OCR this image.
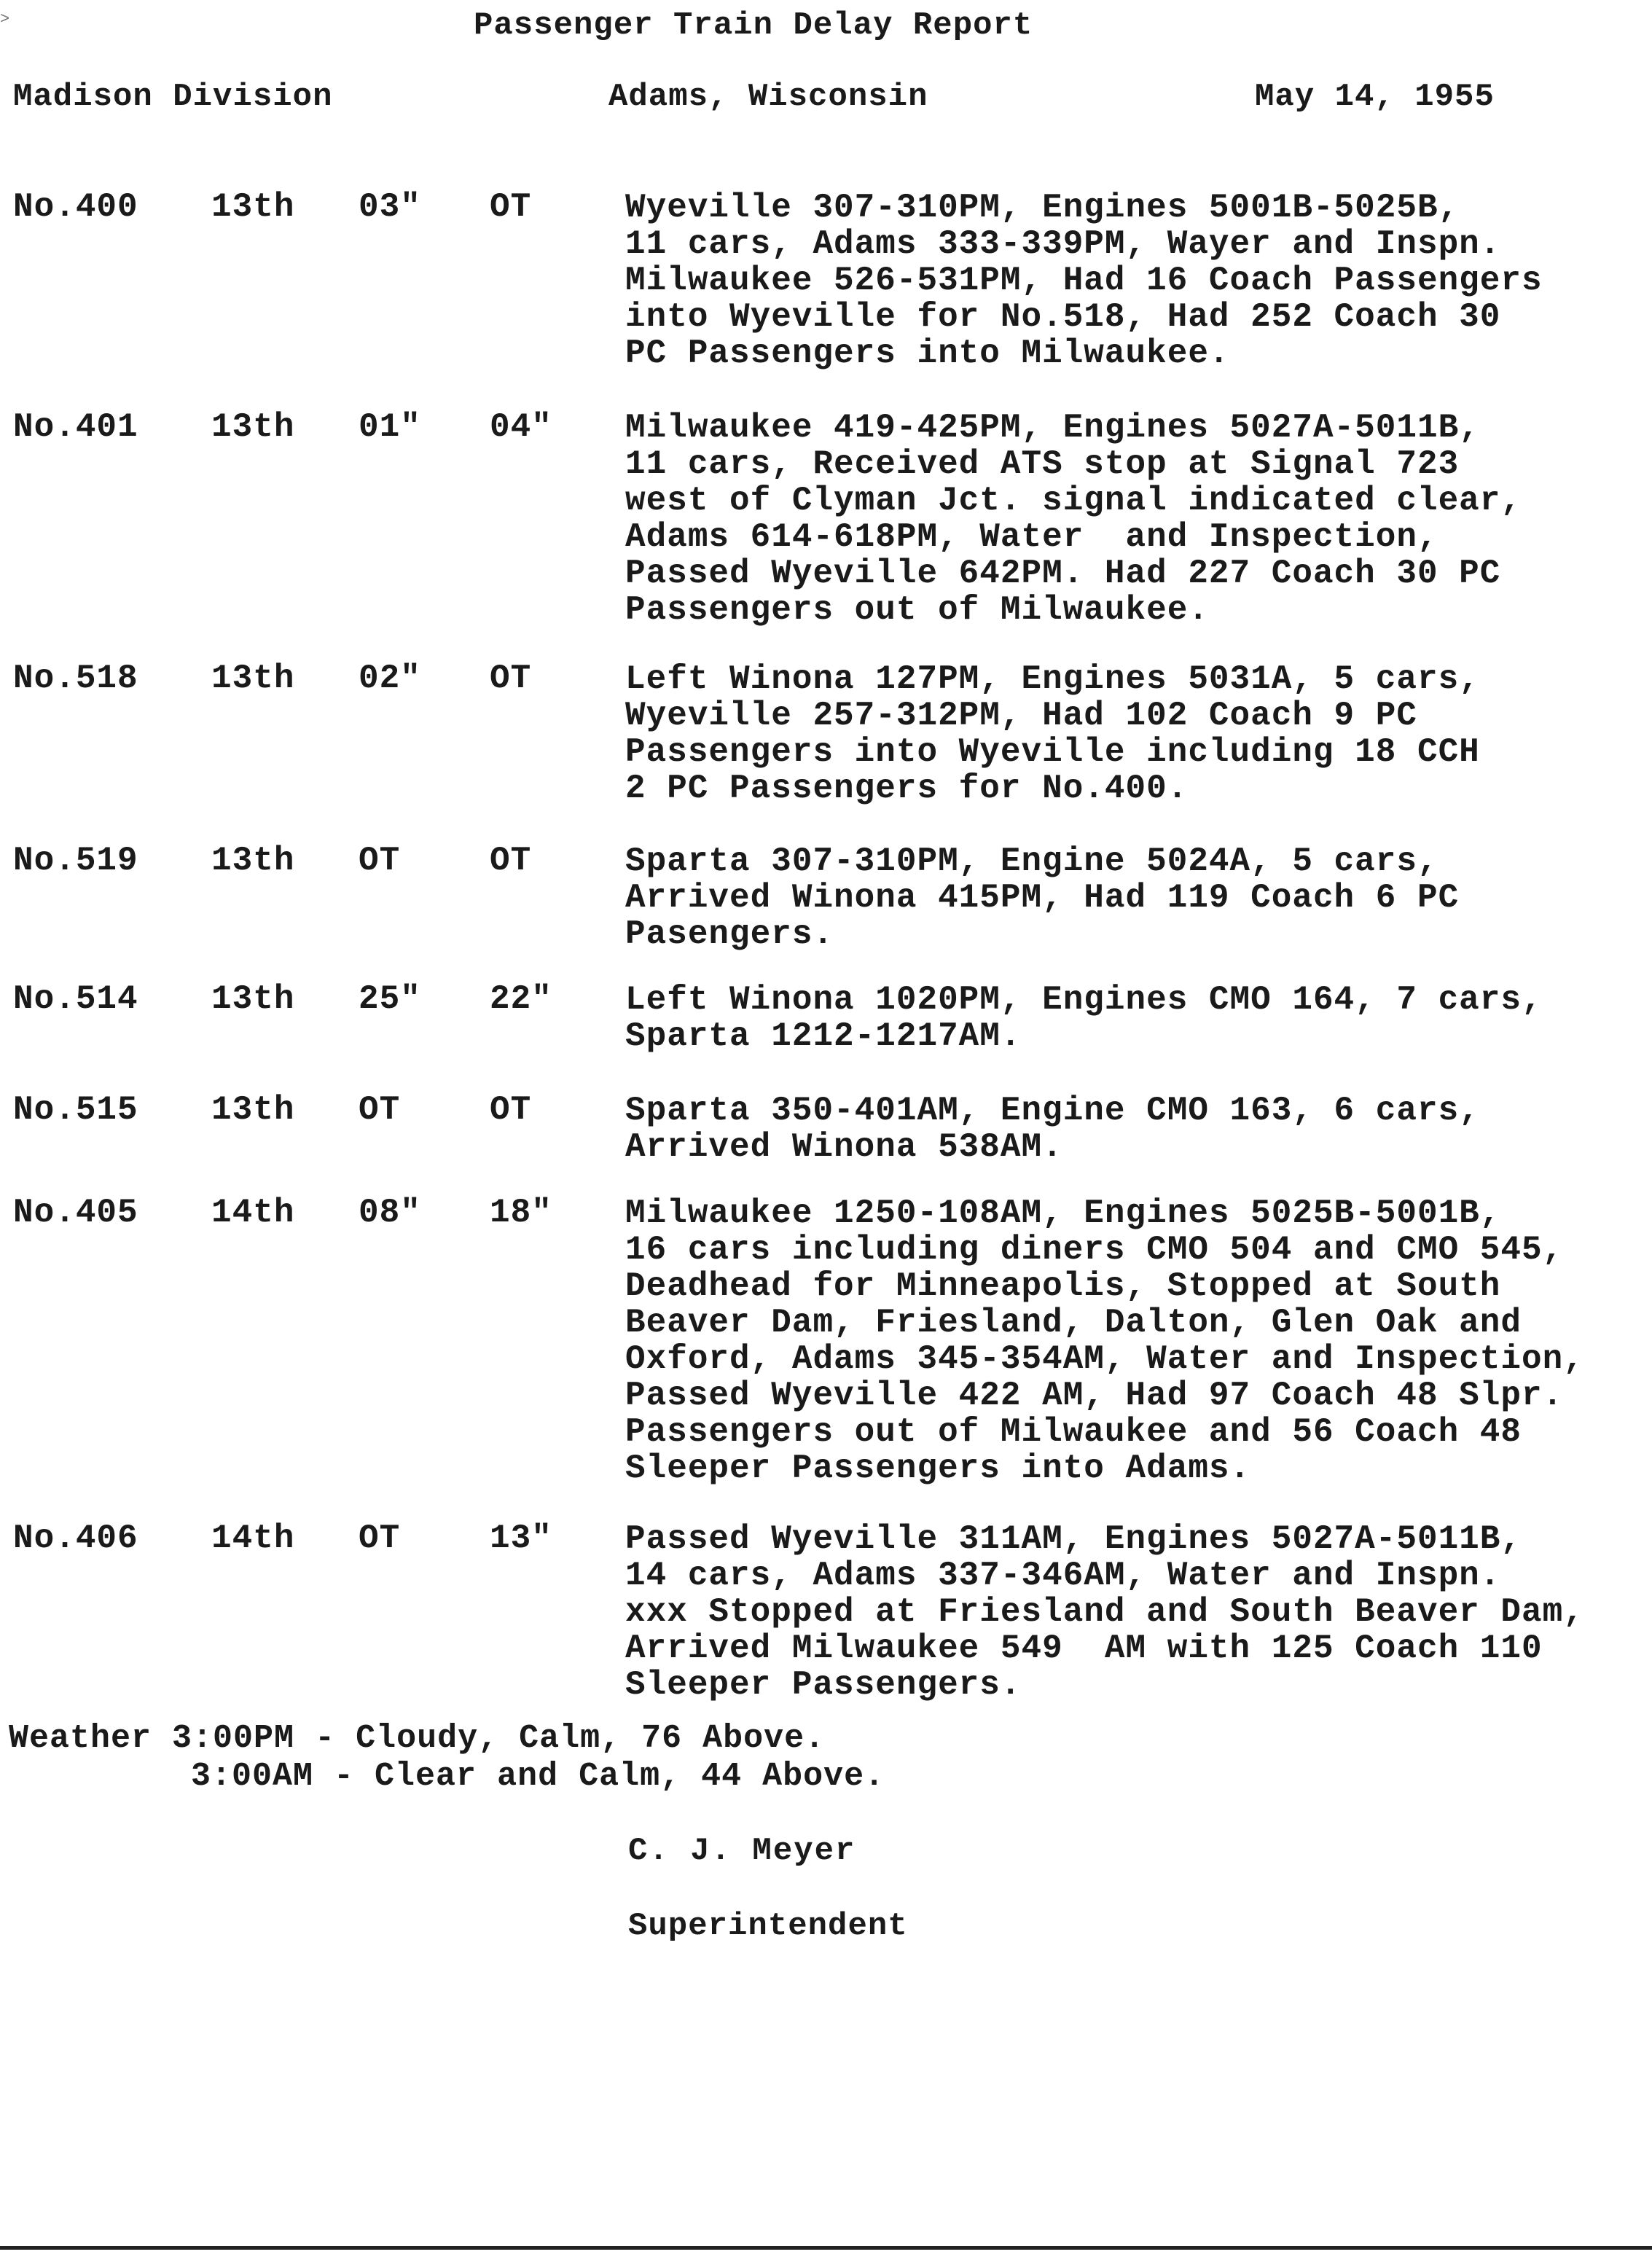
>	Passenger Train Delay Report
Madison Division	Adams, Wisconsin	May 14, 1955
No.400 13th 03" OT	Wyeville 307-310PM, Engines 5001B-5025B,
11 cars, Adams 333-339PM, Wayer and Inspn.
Milwaukee 526-531PM, Had 16 Coach Passengers
into Wyeville for No.518, Had 252 Coach 30
PC Passengers into Milwaukee.
No.401 13th 01" 04" Milwaukee 419-425PM, Engines 5027A-5011B,
11 cars, Received ATS stop at Signal 723
west of Clyman Jct. signal indicated clear,
Adams 614-618PM, Water  and Inspection,
Passed Wyeville 642PM. Had 227 Coach 30 PC
Passengers out of Milwaukee.
No.518 13th 02" OT	Left Winona 127PM, Engines 5031A, 5 cars,
Wyeville 257-312PM, Had 102 Coach 9 PC
Passengers into Wyeville including 18 CCH
2 PC Passengers for No.400.
No.519 13th OT	OT	Sparta 307-310PM, Engine 5024A, 5 cars,
Arrived Winona 415PM, Had 119 Coach 6 PC
Pasengers.
No.514 13th 25" 22" Left Winona 1020PM, Engines CMO 164, 7 cars,
Sparta 1212-1217AM.
No.515 13th OT	OT	Sparta 350-401AM, Engine CMO 163, 6 cars,
Arrived Winona 538AM.
No.405 14th 08" 18" Milwaukee 1250-108AM, Engines 5025B-5001B,
16 cars including diners CMO 504 and CMO 545,
Deadhead for Minneapolis, Stopped at South
Beaver Dam, Friesland, Dalton, Glen Oak and
Oxford, Adams 345-354AM, Water and Inspection,
Passed Wyeville 422 AM, Had 97 Coach 48 Slpr.
Passengers out of Milwaukee and 56 Coach 48
Sleeper Passengers into Adams.
No.406 14th OT	13" Passed Wyeville 311AM, Engines 5027A-5011B,
14 cars, Adams 337-346AM, Water and Inspn.
xxx Stopped at Friesland and South Beaver Dam,
Arrived Milwaukee 549  AM with 125 Coach 110
Sleeper Passengers.
Weather 3:00PM - Cloudy, Calm, 76 Above.
3:00AM - Clear and Calm, 44 Above.
C. J. Meyer
Superintendent
